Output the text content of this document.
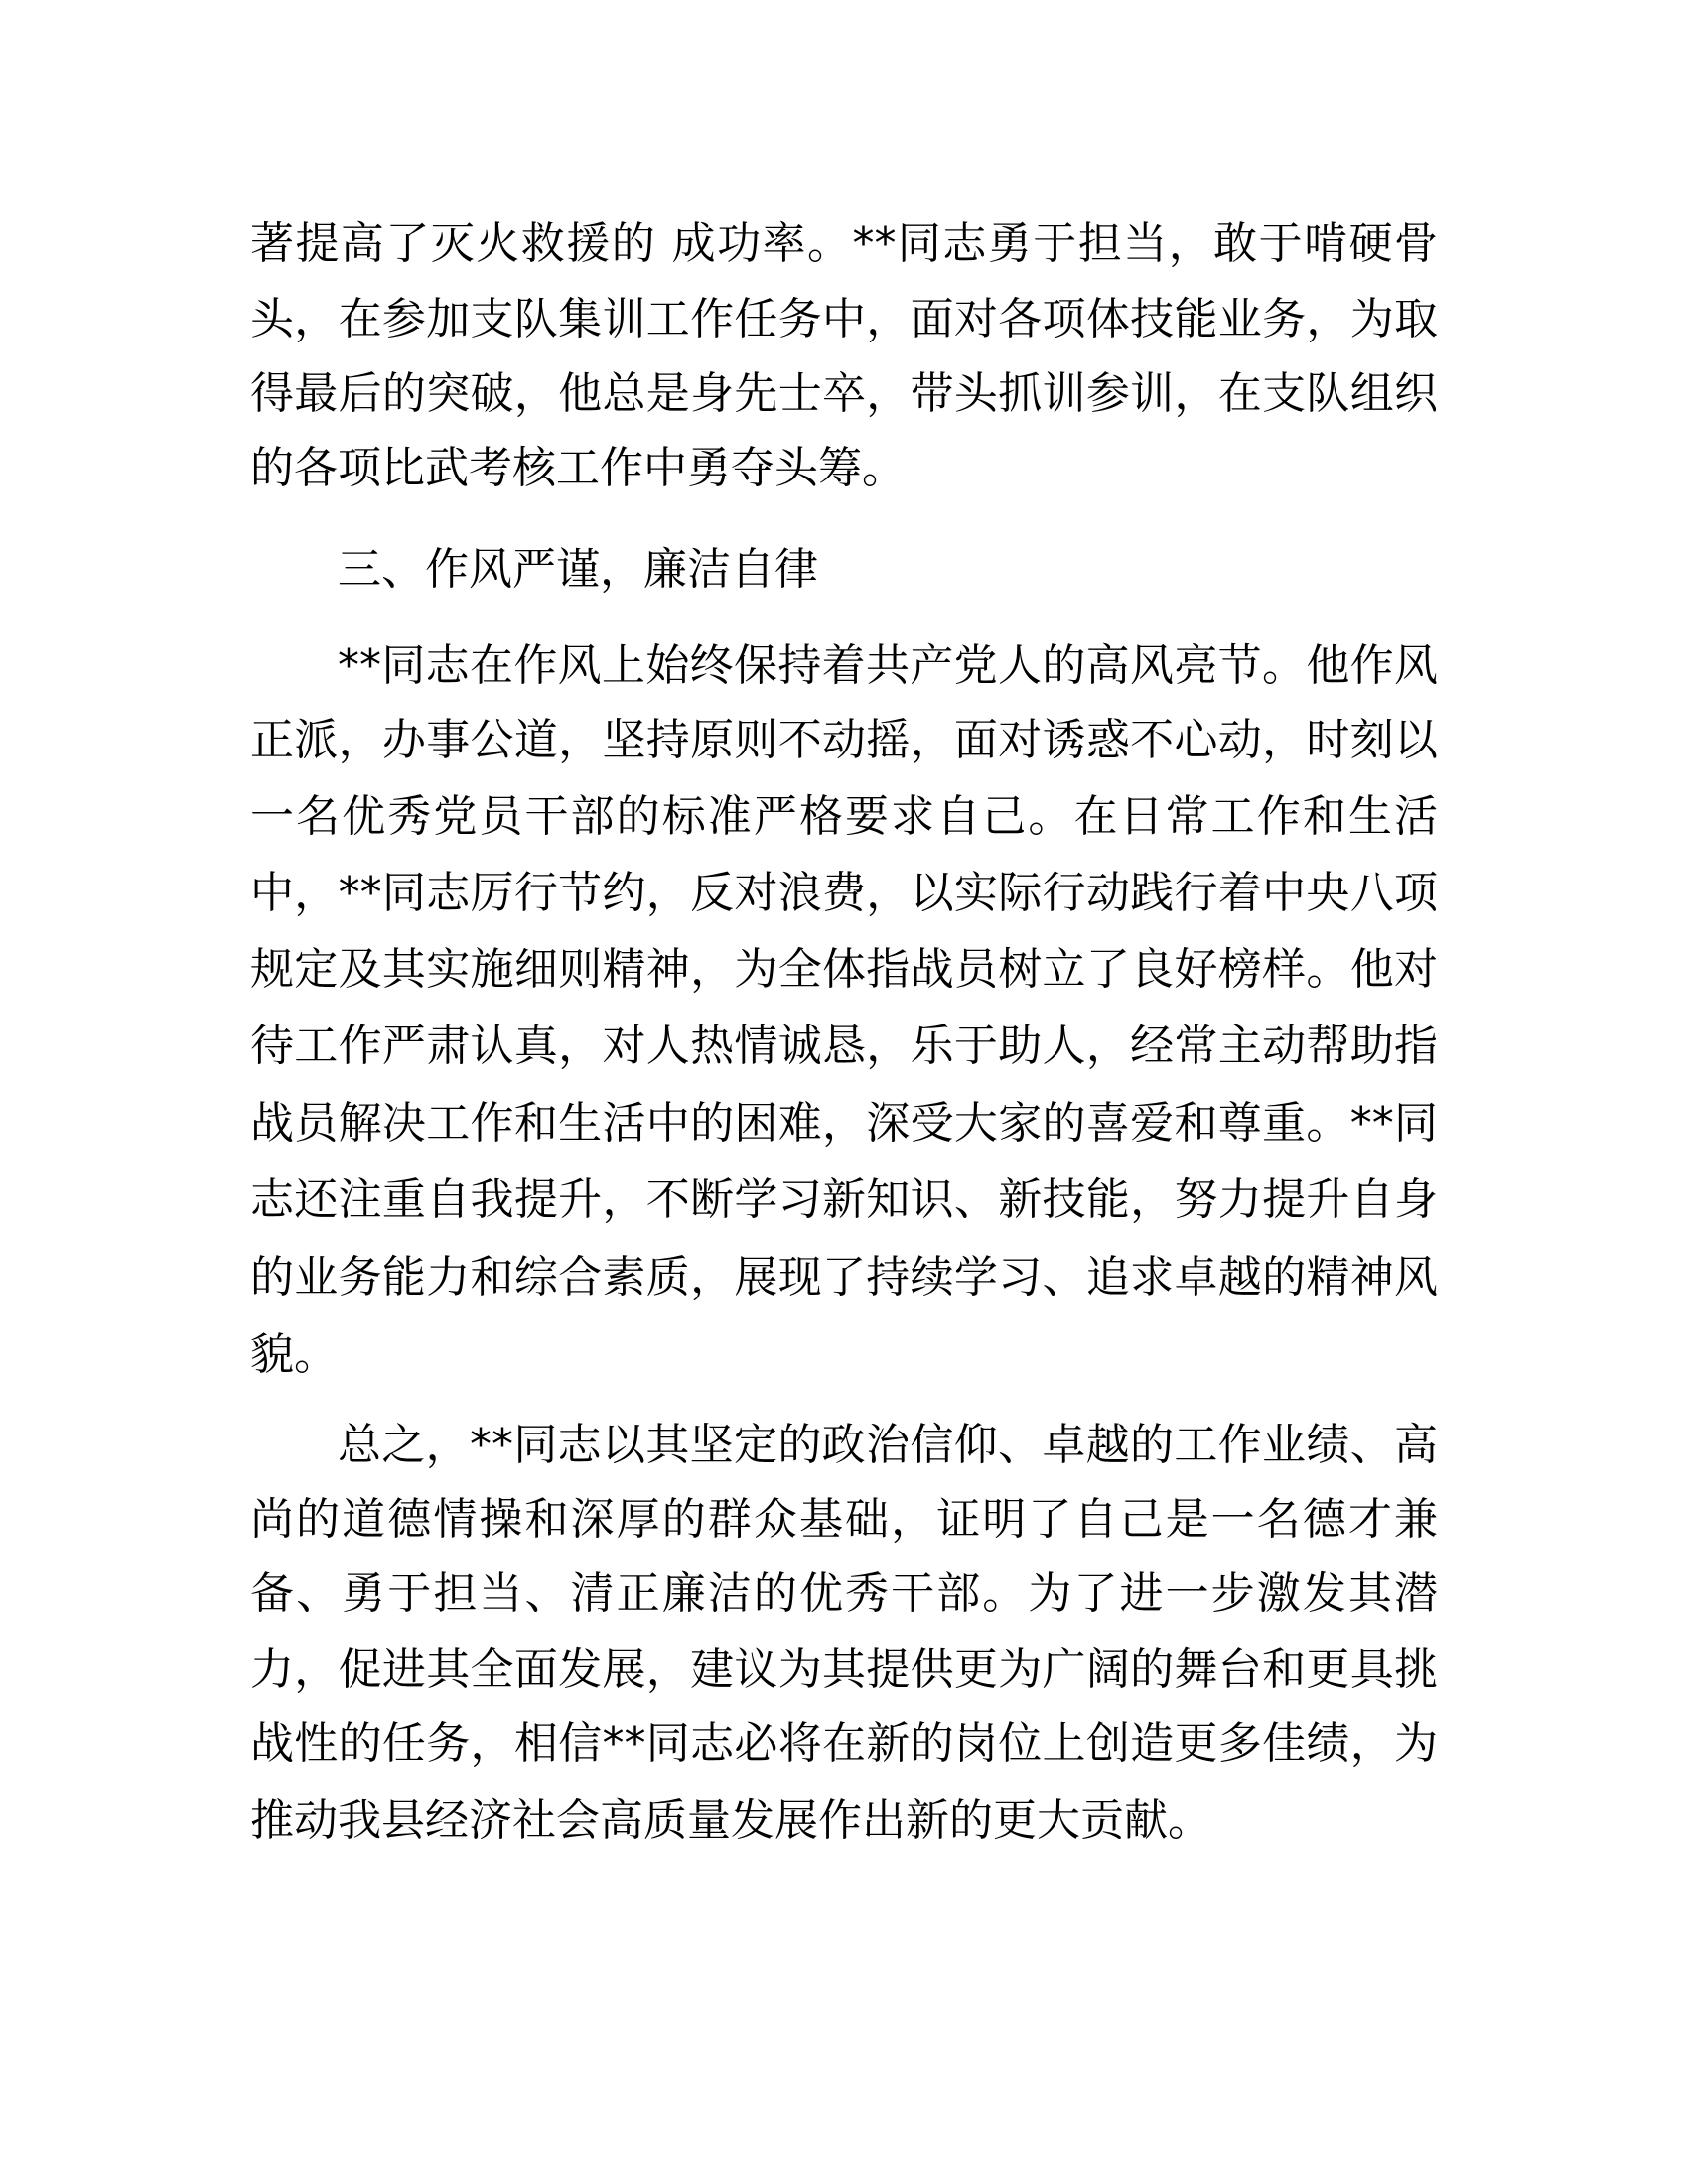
著提高了灭火救援的 成功率。**同志勇于担当，敢于啃硬骨
头，在参加支队集训工作任务中，面对各项体技能业务，为取
得最后的突破，他总是身先士卒，带头抓训参训，在支队组织
的各项比武考核工作中勇夺头筹。
三、作风严谨，廉洁自律
**同志在作风上始终保持着共产党人的高风亮节。他作风
正派，办事公道，坚持原则不动摇，面对诱惑不心动，时刻以
一名优秀党员干部的标准严格要求自己。在日常工作和生活
中，**同志厉行节约，反对浪费，以实际行动践行着中央八项
规定及其实施细则精神，为全体指战员树立了良好榜样。他对
待工作严肃认真，对人热情诚恳，乐于助人，经常主动帮助指
战员解决工作和生活中的困难，深受大家的喜爱和尊重。**同
志还注重自我提升，不断学习新知识、新技能，努力提升自身
的业务能力和综合素质，展现了持续学习、追求卓越的精神风
貌。
总之，**同志以其坚定的政治信仰、卓越的工作业绩、高
尚的道德情操和深厚的群众基础，证明了自己是一名德才兼
备、勇于担当、清正廉洁的优秀干部。为了进一步激发其潜
力，促进其全面发展，建议为其提供更为广阔的舞台和更具挑
战性的任务，相信**同志必将在新的岗位上创造更多佳绩，为
推动我县经济社会高质量发展作出新的更大贡献。
